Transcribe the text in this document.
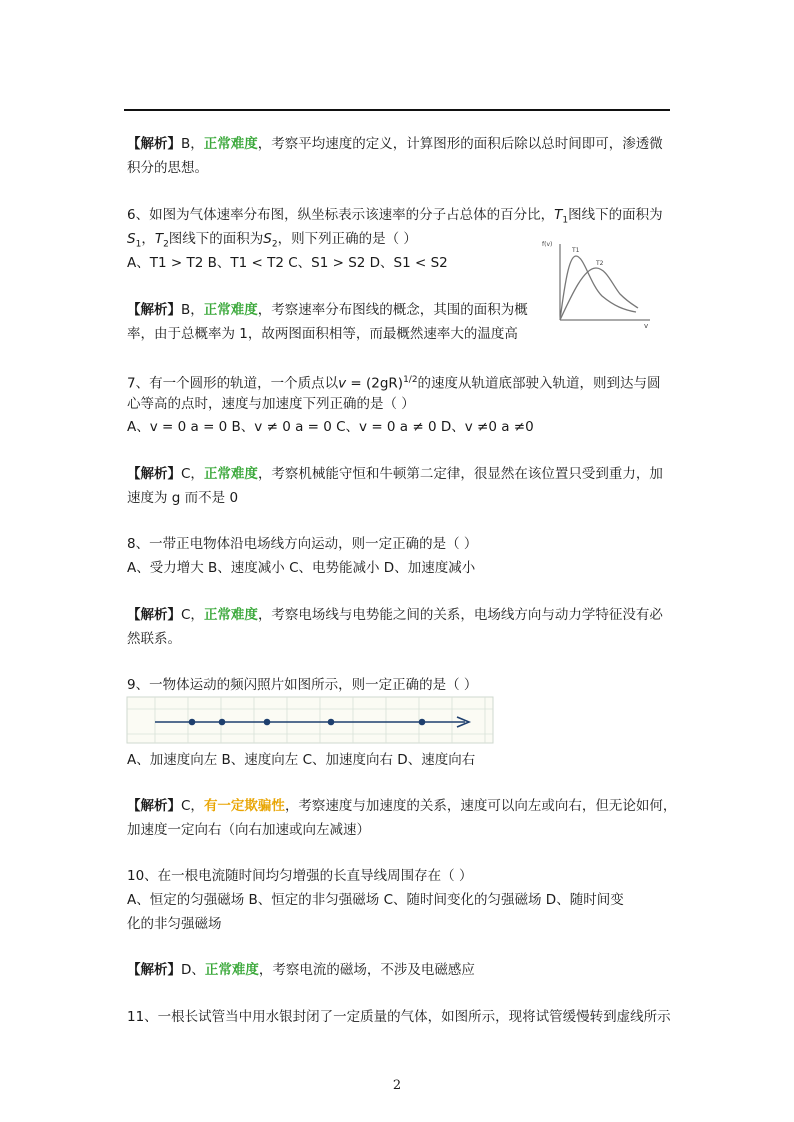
【解析】B，正常难度，考察平均速度的定义，计算图形的面积后除以总时间即可，渗透微
积分的思想。
6、如图为气体速率分布图，纵坐标表示该速率的分子占总体的百分比，$T_1$图线下的面积为
$S_1$，$T_2$图线下的面积为$S_2$，则下列正确的是（ ）
A、T1 > T2 B、T1 < T2 C、S1 > S2 D、S1 < S2
f(v)
v
T1
T2
【解析】B，正常难度，考察速率分布图线的概念，其围的面积为概
率，由于总概率为 1，故两图面积相等，而最概然速率大的温度高
7、有一个圆形的轨道，一个质点以$v = (2gR)^{1/2}$的速度从轨道底部驶入轨道，则到达与圆
心等高的点时，速度与加速度下列正确的是（ ）
A、v = 0 a = 0 B、v ≠ 0 a = 0 C、v = 0 a ≠ 0 D、v ≠0 a ≠0
【解析】C，正常难度，考察机械能守恒和牛顿第二定律，很显然在该位置只受到重力，加
速度为 g 而不是 0
8、一带正电物体沿电场线方向运动，则一定正确的是（ ）
A、受力增大 B、速度减小 C、电势能减小 D、加速度减小
【解析】C，正常难度，考察电场线与电势能之间的关系，电场线方向与动力学特征没有必
然联系。
9、一物体运动的频闪照片如图所示，则一定正确的是（ ）
A、加速度向左 B、速度向左 C、加速度向右 D、速度向右
【解析】C，有一定欺骗性，考察速度与加速度的关系，速度可以向左或向右，但无论如何，
加速度一定向右（向右加速或向左减速）
10、在一根电流随时间均匀增强的长直导线周围存在（ ）
A、恒定的匀强磁场 B、恒定的非匀强磁场 C、随时间变化的匀强磁场 D、随时间变
化的非匀强磁场
【解析】D、正常难度，考察电流的磁场，不涉及电磁感应
11、一根长试管当中用水银封闭了一定质量的气体，如图所示，现将试管缓慢转到虚线所示
2
